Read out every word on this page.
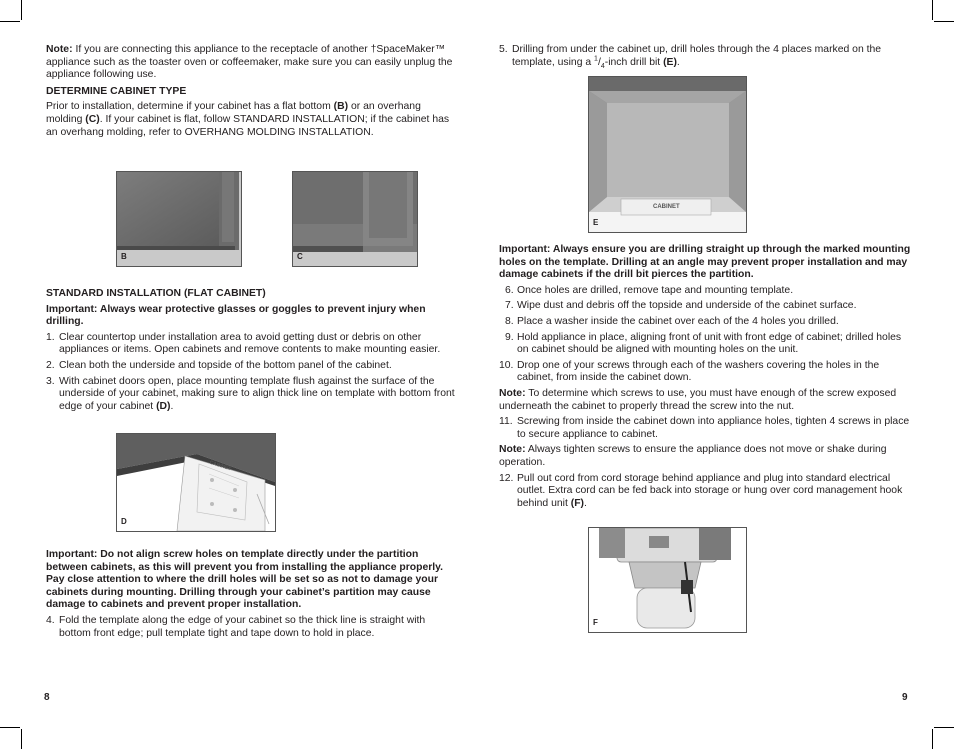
Note: If you are connecting this appliance to the receptacle of another †SpaceMaker™ appliance such as the toaster oven or coffeemaker, make sure you can easily unplug the appliance following use.

DETERMINE CABINET TYPE

Prior to installation, determine if your cabinet has a flat bottom (B) or an overhang molding (C). If your cabinet is flat, follow STANDARD INSTALLATION; if the cabinet has an overhang molding, refer to OVERHANG MOLDING INSTALLATION.

B	C

STANDARD INSTALLATION (FLAT CABINET)

Important: Always wear protective glasses or goggles to prevent injury when drilling.

1. Clear countertop under installation area to avoid getting dust or debris on other appliances or items. Open cabinets and remove contents to make mounting easier.
2. Clean both the underside and topside of the bottom panel of the cabinet.
3. With cabinet doors open, place mounting template flush against the surface of the underside of your cabinet, making sure to align thick line on template with bottom front edge of your cabinet (D).
CABINET
D

Important: Do not align screw holes on template directly under the partition between cabinets, as this will prevent you from installing the appliance properly. Pay close attention to where the drill holes will be set so as not to damage your cabinets during mounting. Drilling through your cabinet’s partition may cause damage to cabinets and prevent proper installation.

4. Fold the template along the edge of your cabinet so the thick line is straight with bottom front edge; pull template tight and tape down to hold in place.
8
5. Drilling from under the cabinet up, drill holes through the 4 places marked on the template, using a $^1/_4$-inch drill bit (E).
CABINET
E

Important: Always ensure you are drilling straight up through the marked mounting holes on the template. Drilling at an angle may prevent proper installation and may damage cabinets if the drill bit pierces the partition.

6. Once holes are drilled, remove tape and mounting template.
7. Wipe dust and debris off the topside and underside of the cabinet surface.
8. Place a washer inside the cabinet over each of the 4 holes you drilled.
9. Hold appliance in place, aligning front of unit with front edge of cabinet; drilled holes on cabinet should be aligned with mounting holes on the unit.
10. Drop one of your screws through each of the washers covering the holes in the cabinet, from inside the cabinet down.

Note: To determine which screws to use, you must have enough of the screw exposed underneath the cabinet to properly thread the screw into the nut.

11. Screwing from inside the cabinet down into appliance holes, tighten 4 screws in place to secure appliance to cabinet.

Note: Always tighten screws to ensure the appliance does not move or shake during operation.

12. Pull out cord from cord storage behind appliance and plug into standard electrical outlet. Extra cord can be fed back into storage or hung over cord management hook behind unit (F).
F
9
